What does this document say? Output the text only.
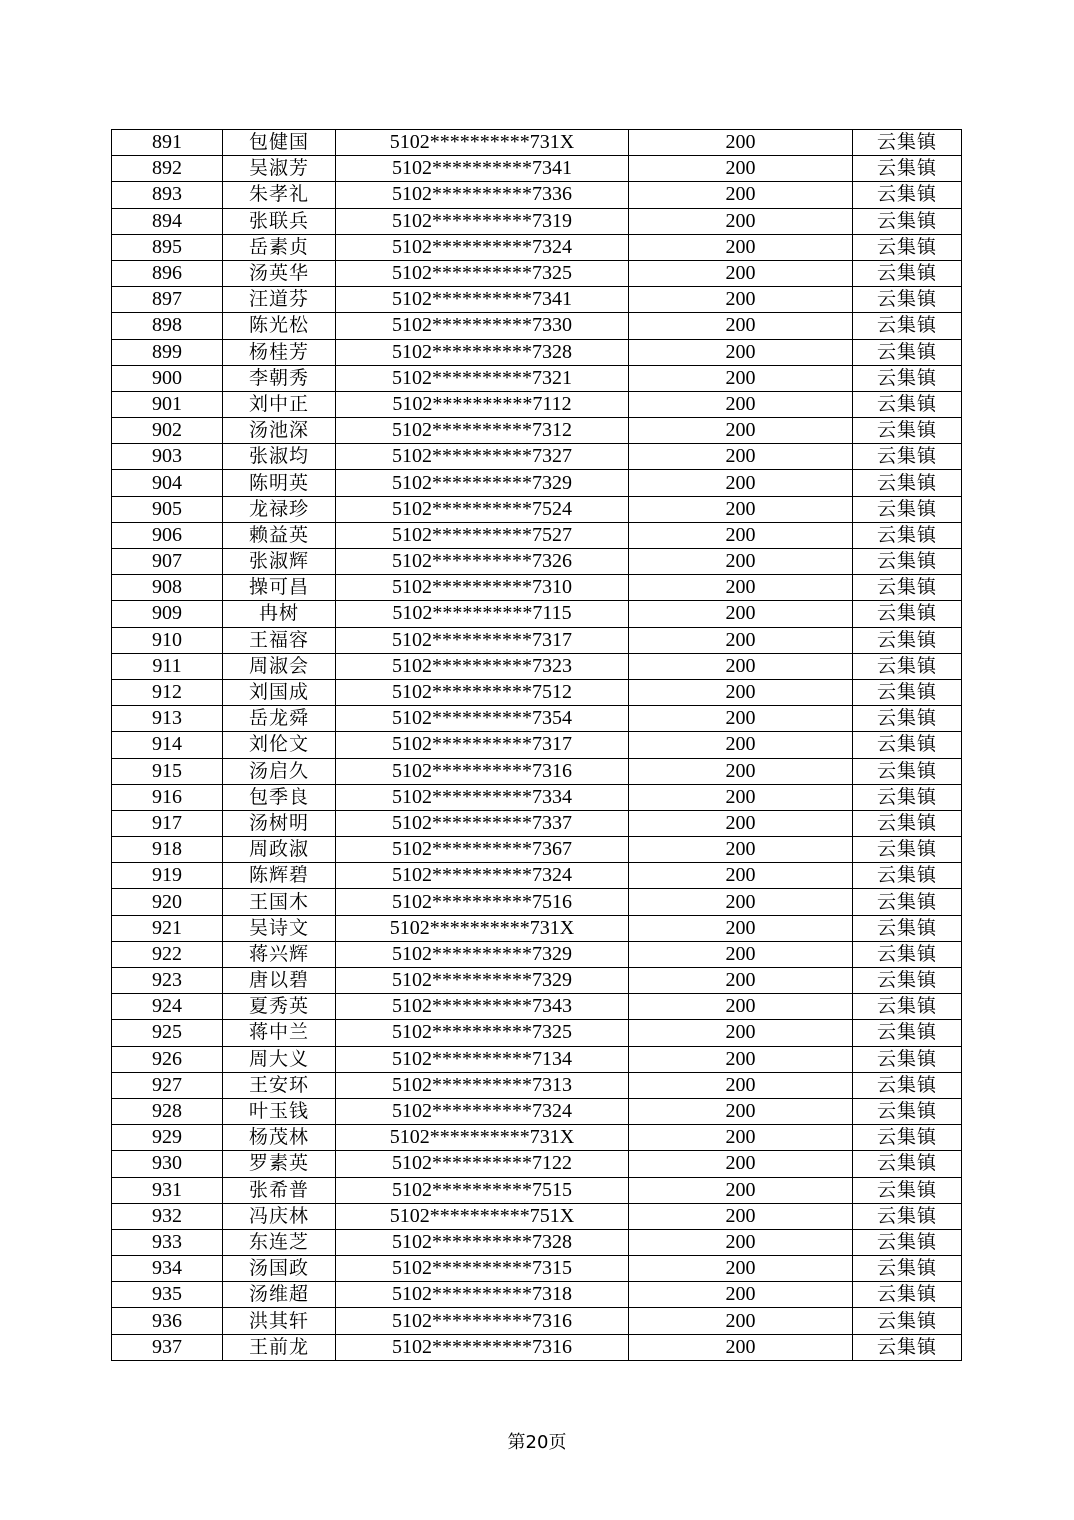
891	包健国	5102**********731X	200	云集镇
892	吴淑芳	5102**********7341	200	云集镇
893	朱孝礼	5102**********7336	200	云集镇
894	张联兵	5102**********7319	200	云集镇
895	岳素贞	5102**********7324	200	云集镇
896	汤英华	5102**********7325	200	云集镇
897	汪道芬	5102**********7341	200	云集镇
898	陈光松	5102**********7330	200	云集镇
899	杨桂芳	5102**********7328	200	云集镇
900	李朝秀	5102**********7321	200	云集镇
901	刘中正	5102**********7112	200	云集镇
902	汤池深	5102**********7312	200	云集镇
903	张淑均	5102**********7327	200	云集镇
904	陈明英	5102**********7329	200	云集镇
905	龙禄珍	5102**********7524	200	云集镇
906	赖益英	5102**********7527	200	云集镇
907	张淑辉	5102**********7326	200	云集镇
908	操可昌	5102**********7310	200	云集镇
909	冉树	5102**********7115	200	云集镇
910	王福容	5102**********7317	200	云集镇
911	周淑会	5102**********7323	200	云集镇
912	刘国成	5102**********7512	200	云集镇
913	岳龙舜	5102**********7354	200	云集镇
914	刘伦文	5102**********7317	200	云集镇
915	汤启久	5102**********7316	200	云集镇
916	包季良	5102**********7334	200	云集镇
917	汤树明	5102**********7337	200	云集镇
918	周政淑	5102**********7367	200	云集镇
919	陈辉碧	5102**********7324	200	云集镇
920	王国木	5102**********7516	200	云集镇
921	吴诗文	5102**********731X	200	云集镇
922	蒋兴辉	5102**********7329	200	云集镇
923	唐以碧	5102**********7329	200	云集镇
924	夏秀英	5102**********7343	200	云集镇
925	蒋中兰	5102**********7325	200	云集镇
926	周大义	5102**********7134	200	云集镇
927	王安环	5102**********7313	200	云集镇
928	叶玉钱	5102**********7324	200	云集镇
929	杨茂林	5102**********731X	200	云集镇
930	罗素英	5102**********7122	200	云集镇
931	张希普	5102**********7515	200	云集镇
932	冯庆林	5102**********751X	200	云集镇
933	东连芝	5102**********7328	200	云集镇
934	汤国政	5102**********7315	200	云集镇
935	汤维超	5102**********7318	200	云集镇
936	洪其轩	5102**********7316	200	云集镇
937	王前龙	5102**********7316	200	云集镇
第20页
